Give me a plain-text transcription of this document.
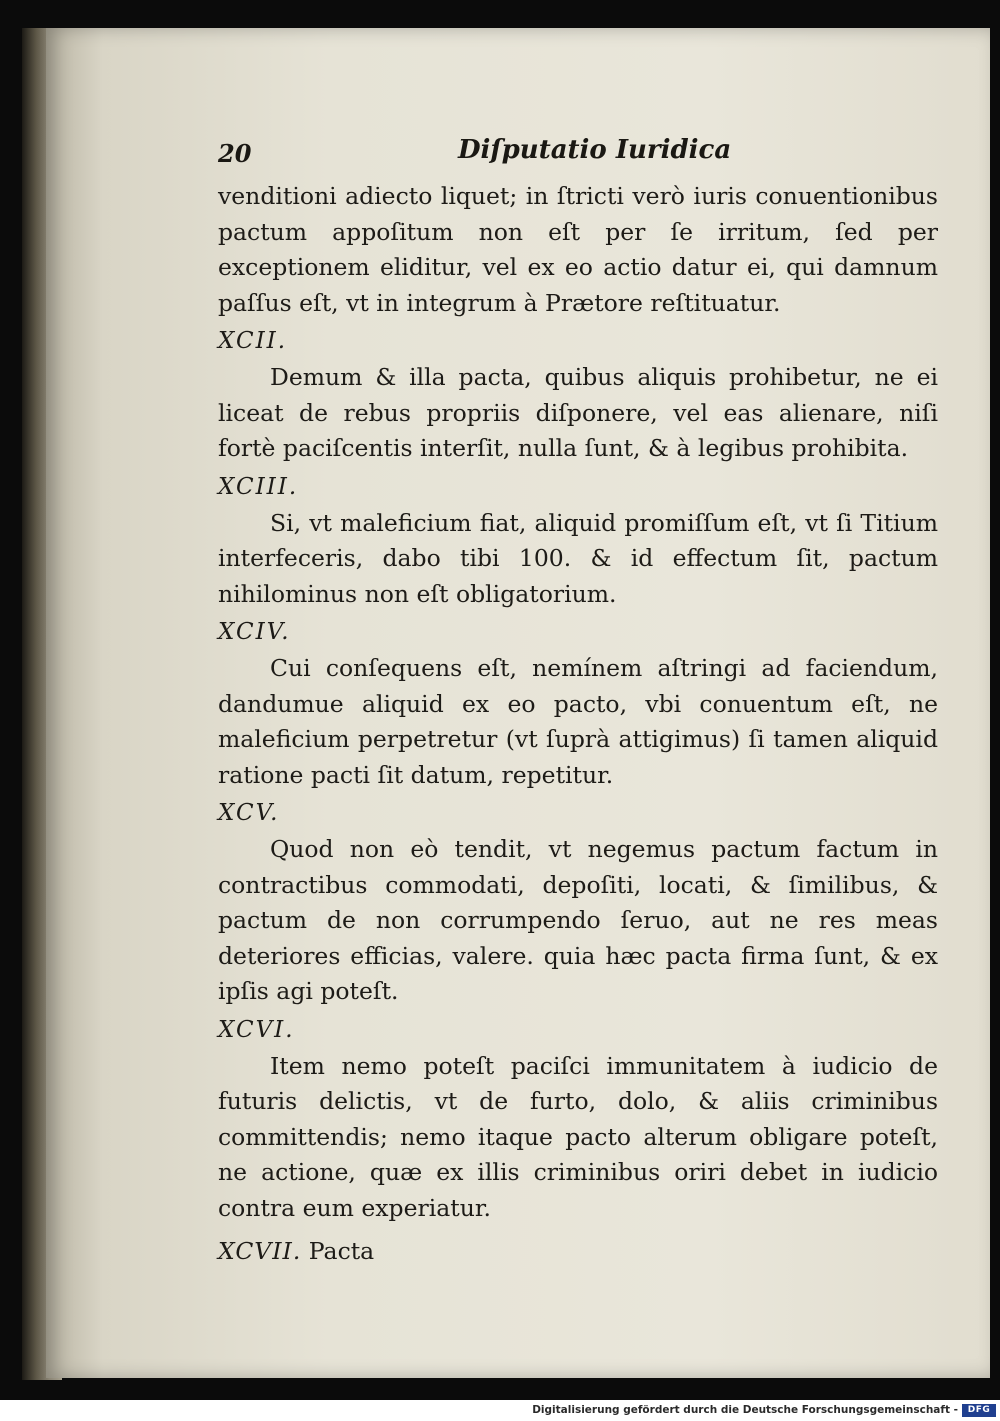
20	Diſputatio Iuridica

venditioni adiecto liquet; in ſtricti verò iuris conuentionibus pactum appoſitum non eſt per ſe irritum, ſed per exceptionem eliditur, vel ex eo actio datur ei, qui damnum paſſus eſt, vt in integrum à Prætore reſtituatur.

XCII.

Demum & illa pacta, quibus aliquis prohibetur, ne ei liceat de rebus propriis diſponere, vel eas alienare, niſi fortè paciſcentis interſit, nulla ſunt, & à legibus prohibita.

XCIII.

Si, vt maleficium fiat, aliquid promiſſum eſt, vt ſi Titium interfeceris, dabo tibi 100. & id effectum ſit, pactum nihilominus non eſt obligatorium.

XCIV.

Cui conſequens eſt, nemínem aſtringi ad faciendum, dandumue aliquid ex eo pacto, vbi conuentum eſt, ne maleficium perpetretur (vt ſuprà attigimus) ſi tamen aliquid ratione pacti ſit datum, repetitur.

XCV.

Quod non eò tendit, vt negemus pactum factum in contractibus commodati, depoſiti, locati, & ſimilibus, & pactum de non corrumpendo ſeruo, aut ne res meas deteriores efficias, valere. quia hæc pacta firma ſunt, & ex ipſis agi poteſt.

XCVI.

Item nemo poteſt paciſci immunitatem à iudicio de futuris delictis, vt de furto, dolo, & aliis criminibus committendis; nemo itaque pacto alterum obligare poteſt, ne actione, quæ ex illis criminibus oriri debet in iudicio contra eum experiatur.

XCVII. Pacta
Digitalisierung gefördert durch die Deutsche Forschungsgemeinschaft -	DFG
